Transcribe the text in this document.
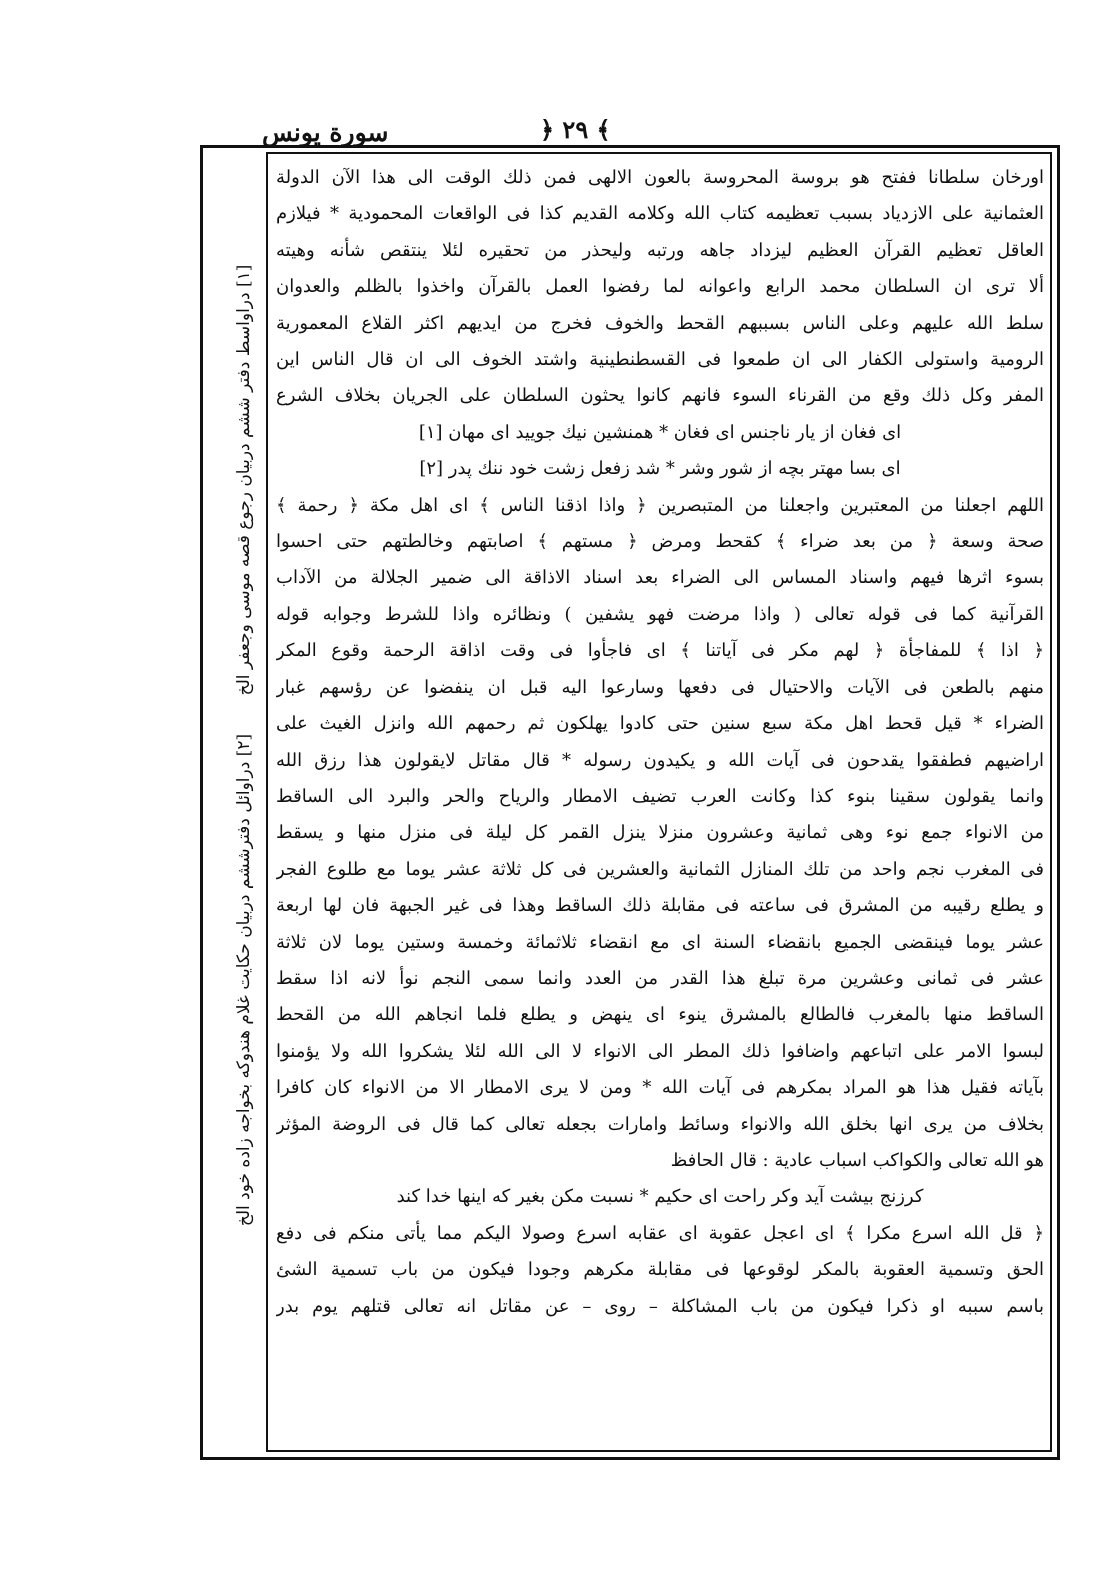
سورة يونس	﴿ ٢٩ ﴾
[١] دراواسط دفتر ششم دربيان رجوع قصه موسى وجعفر الخ
[٢] دراوائل دفترششم دربيان حكايت غلام هندوكه بخواجه زاده خود الخ

اورخان سلطانا ففتح هو بروسة المحروسة بالعون الالهى فمن ذلك الوقت الى هذا الآن الدولة

العثمانية على الازدياد بسبب تعظيمه كتاب الله وكلامه القديم كذا فى الواقعات المحمودية * فيلازم

العاقل تعظيم القرآن العظيم ليزداد جاهه ورتبه وليحذر من تحقيره لئلا ينتقص شأنه وهيته

ألا ترى ان السلطان محمد الرابع واعوانه لما رفضوا العمل بالقرآن واخذوا بالظلم والعدوان

سلط الله عليهم وعلى الناس بسببهم القحط والخوف فخرج من ايديهم اكثر القلاع المعمورية

الرومية واستولى الكفار الى ان طمعوا فى القسطنطينية واشتد الخوف الى ان قال الناس اين

المفر وكل ذلك وقع من القرناء السوء فانهم كانوا يحثون السلطان على الجريان بخلاف الشرع

اى فغان از يار ناجنس اى فغان * همنشين نيك جوييد اى مهان [١]

اى بسا مهتر بچه از شور وشر * شد زفعل زشت خود ننك پدر [٢]

اللهم اجعلنا من المعتبرين واجعلنا من المتبصرين ﴿ واذا اذقنا الناس ﴾ اى اهل مكة ﴿ رحمة ﴾

صحة وسعة ﴿ من بعد ضراء ﴾ كقحط ومرض ﴿ مستهم ﴾ اصابتهم وخالطتهم حتى احسوا

بسوء اثرها فيهم واسناد المساس الى الضراء بعد اسناد الاذاقة الى ضمير الجلالة من الآداب

القرآنية كما فى قوله تعالى ( واذا مرضت فهو يشفين ) ونظائره واذا للشرط وجوابه قوله

﴿ اذا ﴾ للمفاجأة ﴿ لهم مكر فى آياتنا ﴾ اى فاجأوا فى وقت اذاقة الرحمة وقوع المكر

منهم بالطعن فى الآيات والاحتيال فى دفعها وسارعوا اليه قبل ان ينفضوا عن رؤسهم غبار

الضراء * قيل قحط اهل مكة سبع سنين حتى كادوا يهلكون ثم رحمهم الله وانزل الغيث على

اراضيهم فطفقوا يقدحون فى آيات الله و يكيدون رسوله * قال مقاتل لايقولون هذا رزق الله

وانما يقولون سقينا بنوء كذا وكانت العرب تضيف الامطار والرياح والحر والبرد الى الساقط

من الانواء جمع نوء وهى ثمانية وعشرون منزلا ينزل القمر كل ليلة فى منزل منها و يسقط

فى المغرب نجم واحد من تلك المنازل الثمانية والعشرين فى كل ثلاثة عشر يوما مع طلوع الفجر

و يطلع رقيبه من المشرق فى ساعته فى مقابلة ذلك الساقط وهذا فى غير الجبهة فان لها اربعة

عشر يوما فينقضى الجميع بانقضاء السنة اى مع انقضاء ثلاثمائة وخمسة وستين يوما لان ثلاثة

عشر فى ثمانى وعشرين مرة تبلغ هذا القدر من العدد وانما سمى النجم نوأ لانه اذا سقط

الساقط منها بالمغرب فالطالع بالمشرق ينوء اى ينهض و يطلع فلما انجاهم الله من القحط

لبسوا الامر على اتباعهم واضافوا ذلك المطر الى الانواء لا الى الله لئلا يشكروا الله ولا يؤمنوا

بآياته فقيل هذا هو المراد بمكرهم فى آيات الله * ومن لا يرى الامطار الا من الانواء كان كافرا

بخلاف من يرى انها بخلق الله والانواء وسائط وامارات بجعله تعالى كما قال فى الروضة المؤثر

هو الله تعالى والكواكب اسباب عادية : قال الحافظ

كرزنج بيشت آيد وكر راحت اى حكيم * نسبت مكن بغير كه اينها خدا كند

﴿ قل الله اسرع مكرا ﴾ اى اعجل عقوبة اى عقابه اسرع وصولا اليكم مما يأتى منكم فى دفع

الحق وتسمية العقوبة بالمكر لوقوعها فى مقابلة مكرهم وجودا فيكون من باب تسمية الشئ

باسم سببه او ذكرا فيكون من باب المشاكلة – روى – عن مقاتل انه تعالى قتلهم يوم بدر
